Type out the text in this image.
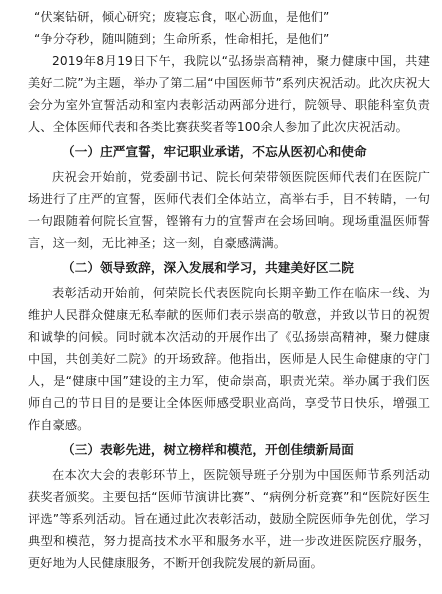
“伏案钻研，倾心研究；废寝忘食，呕心沥血，是他们”

“争分夺秒，随叫随到；生命所系，性命相托，是他们”

2019年8月19日下午，我院以“弘扬崇高精神，聚力健康中国，共建美好二院”为主题，举办了第二届“中国医师节”系列庆祝活动。此次庆祝大会分为室外宣誓活动和室内表彰活动两部分进行，院领导、职能科室负责人、全体医师代表和各类比赛获奖者等100余人参加了此次庆祝活动。

（一）庄严宣誓，牢记职业承诺，不忘从医初心和使命

庆祝会开始前，党委副书记、院长何荣带领医院医师代表们在医院广场进行了庄严的宣誓，医师代表们全体站立，高举右手，目不转睛，一句一句跟随着何院长宣誓，铿锵有力的宣誓声在会场回响。现场重温医师誓言，这一刻，无比神圣；这一刻，自豪感满满。

（二）领导致辞，深入发展和学习，共建美好区二院

表彰活动开始前，何荣院长代表医院向长期辛勤工作在临床一线、为维护人民群众健康无私奉献的医师们表示崇高的敬意，并致以节日的祝贺和诚挚的问候。同时就本次活动的开展作出了《弘扬崇高精神，聚力健康中国，共创美好二院》的开场致辞。他指出，医师是人民生命健康的守门人，是“健康中国”建设的主力军，使命崇高，职责光荣。举办属于我们医师自己的节日目的是要让全体医师感受职业高尚，享受节日快乐，增强工作自豪感。

（三）表彰先进，树立榜样和模范，开创佳绩新局面

在本次大会的表彰环节上，医院领导班子分别为中国医师节系列活动获奖者颁奖。主要包括“医师节演讲比赛”、“病例分析竞赛”和“医院好医生评选”等系列活动。旨在通过此次表彰活动，鼓励全院医师争先创优，学习典型和模范，努力提高技术水平和服务水平，进一步改进医院医疗服务，更好地为人民健康服务，不断开创我院发展的新局面。
